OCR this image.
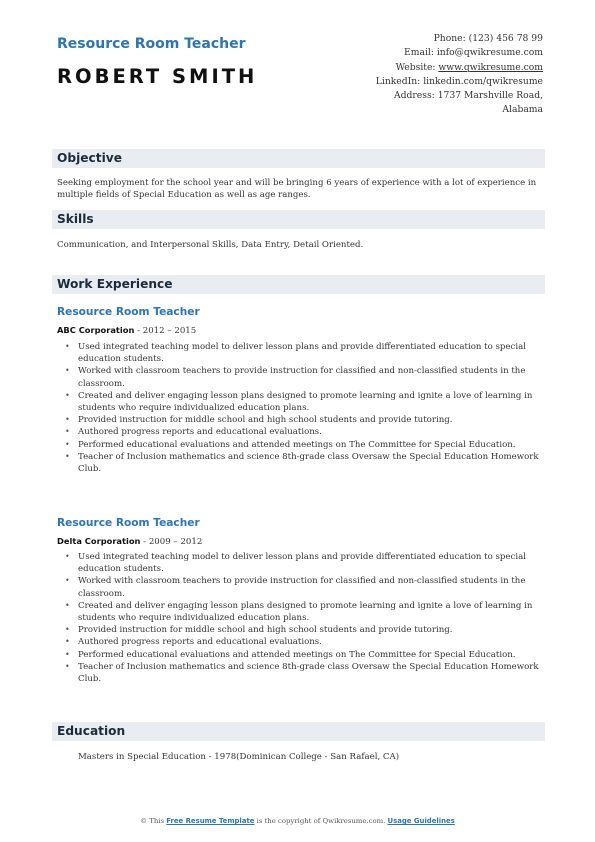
Resource Room Teacher
ROBERT SMITH
Phone: (123) 456 78 99
Email: info@qwikresume.com
Website: www.qwikresume.com
LinkedIn: linkedin.com/qwikresume
Address: 1737 Marshville Road,
Alabama
Objective
Seeking employment for the school year and will be bringing 6 years of experience with a lot of experience in multiple fields of Special Education as well as age ranges.
Skills
Communication, and Interpersonal Skills, Data Entry, Detail Oriented.
Work Experience
Resource Room Teacher
ABC Corporation - 2012 – 2015
• Used integrated teaching model to deliver lesson plans and provide differentiated education to special education students.
• Worked with classroom teachers to provide instruction for classified and non-classified students in the classroom.
• Created and deliver engaging lesson plans designed to promote learning and ignite a love of learning in students who require individualized education plans.
• Provided instruction for middle school and high school students and provide tutoring.
• Authored progress reports and educational evaluations.
• Performed educational evaluations and attended meetings on The Committee for Special Education.
• Teacher of Inclusion mathematics and science 8th-grade class Oversaw the Special Education Homework Club.
Resource Room Teacher
Delta Corporation - 2009 – 2012
• Used integrated teaching model to deliver lesson plans and provide differentiated education to special education students.
• Worked with classroom teachers to provide instruction for classified and non-classified students in the classroom.
• Created and deliver engaging lesson plans designed to promote learning and ignite a love of learning in students who require individualized education plans.
• Provided instruction for middle school and high school students and provide tutoring.
• Authored progress reports and educational evaluations.
• Performed educational evaluations and attended meetings on The Committee for Special Education.
• Teacher of Inclusion mathematics and science 8th-grade class Oversaw the Special Education Homework Club.
Education
Masters in Special Education - 1978(Dominican College - San Rafael, CA)
© This Free Resume Template is the copyright of Qwikresume.com. Usage Guidelines
